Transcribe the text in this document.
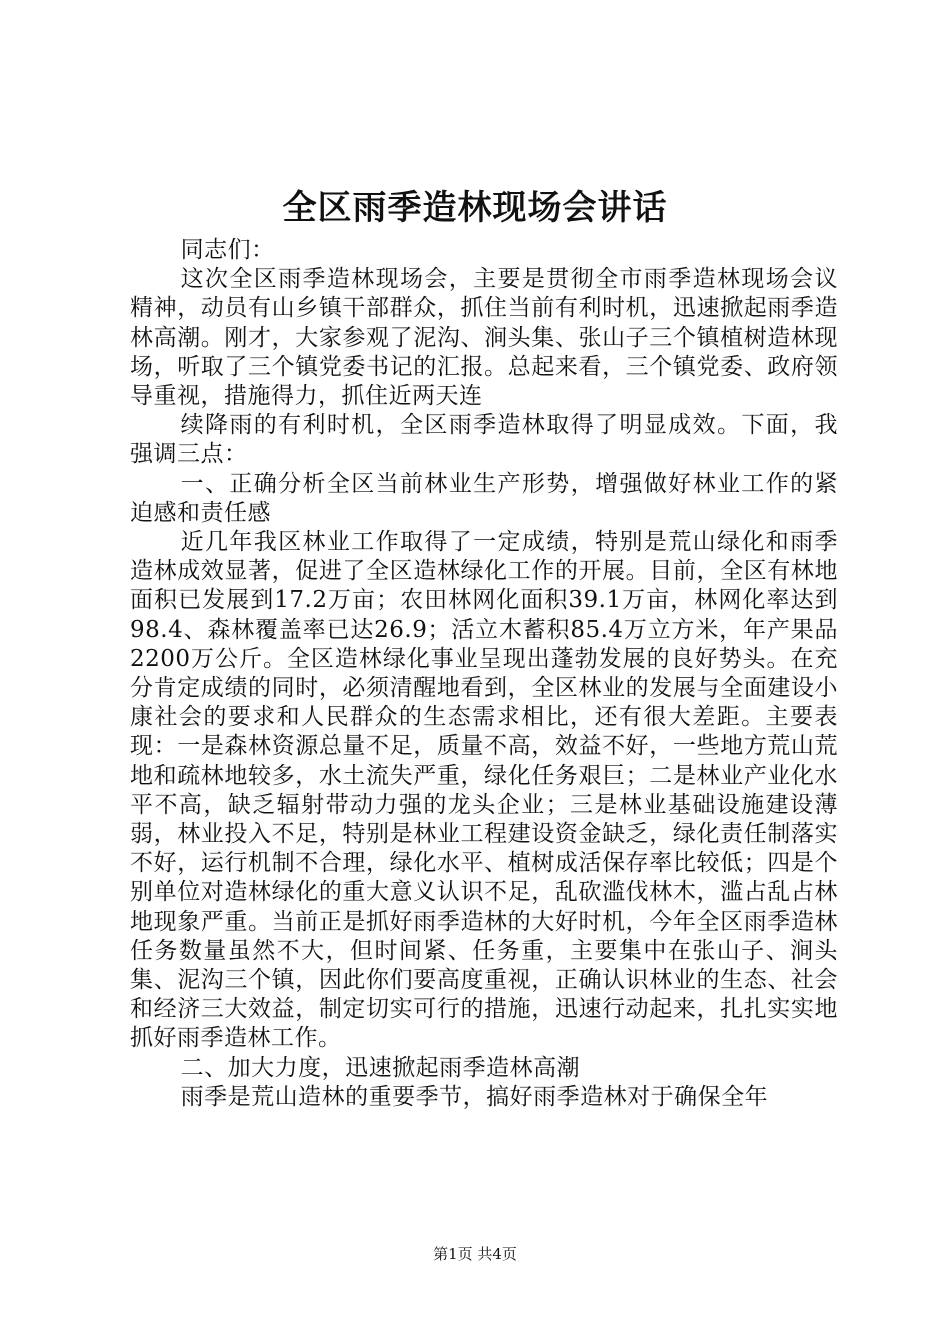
全区雨季造林现场会讲话

同志们：

这次全区雨季造林现场会，主要是贯彻全市雨季造林现场会议精神，动员有山乡镇干部群众，抓住当前有利时机，迅速掀起雨季造林高潮。刚才，大家参观了泥沟、涧头集、张山子三个镇植树造林现场，听取了三个镇党委书记的汇报。总起来看，三个镇党委、政府领导重视，措施得力，抓住近两天连

续降雨的有利时机，全区雨季造林取得了明显成效。下面，我强调三点：

一、正确分析全区当前林业生产形势，增强做好林业工作的紧迫感和责任感

近几年我区林业工作取得了一定成绩，特别是荒山绿化和雨季造林成效显著，促进了全区造林绿化工作的开展。目前，全区有林地面积已发展到17.2万亩；农田林网化面积39.1万亩，林网化率达到98.4、森林覆盖率已达26.9；活立木蓄积85.4万立方米，年产果品2200万公斤。全区造林绿化事业呈现出蓬勃发展的良好势头。在充分肯定成绩的同时，必须清醒地看到，全区林业的发展与全面建设小康社会的要求和人民群众的生态需求相比，还有很大差距。主要表现：一是森林资源总量不足，质量不高，效益不好，一些地方荒山荒地和疏林地较多，水土流失严重，绿化任务艰巨；二是林业产业化水平不高，缺乏辐射带动力强的龙头企业；三是林业基础设施建设薄弱，林业投入不足，特别是林业工程建设资金缺乏，绿化责任制落实不好，运行机制不合理，绿化水平、植树成活保存率比较低；四是个别单位对造林绿化的重大意义认识不足，乱砍滥伐林木，滥占乱占林地现象严重。当前正是抓好雨季造林的大好时机，今年全区雨季造林任务数量虽然不大，但时间紧、任务重，主要集中在张山子、涧头集、泥沟三个镇，因此你们要高度重视，正确认识林业的生态、社会和经济三大效益，制定切实可行的措施，迅速行动起来，扎扎实实地抓好雨季造林工作。

二、加大力度，迅速掀起雨季造林高潮

雨季是荒山造林的重要季节，搞好雨季造林对于确保全年

第1页 共4页
